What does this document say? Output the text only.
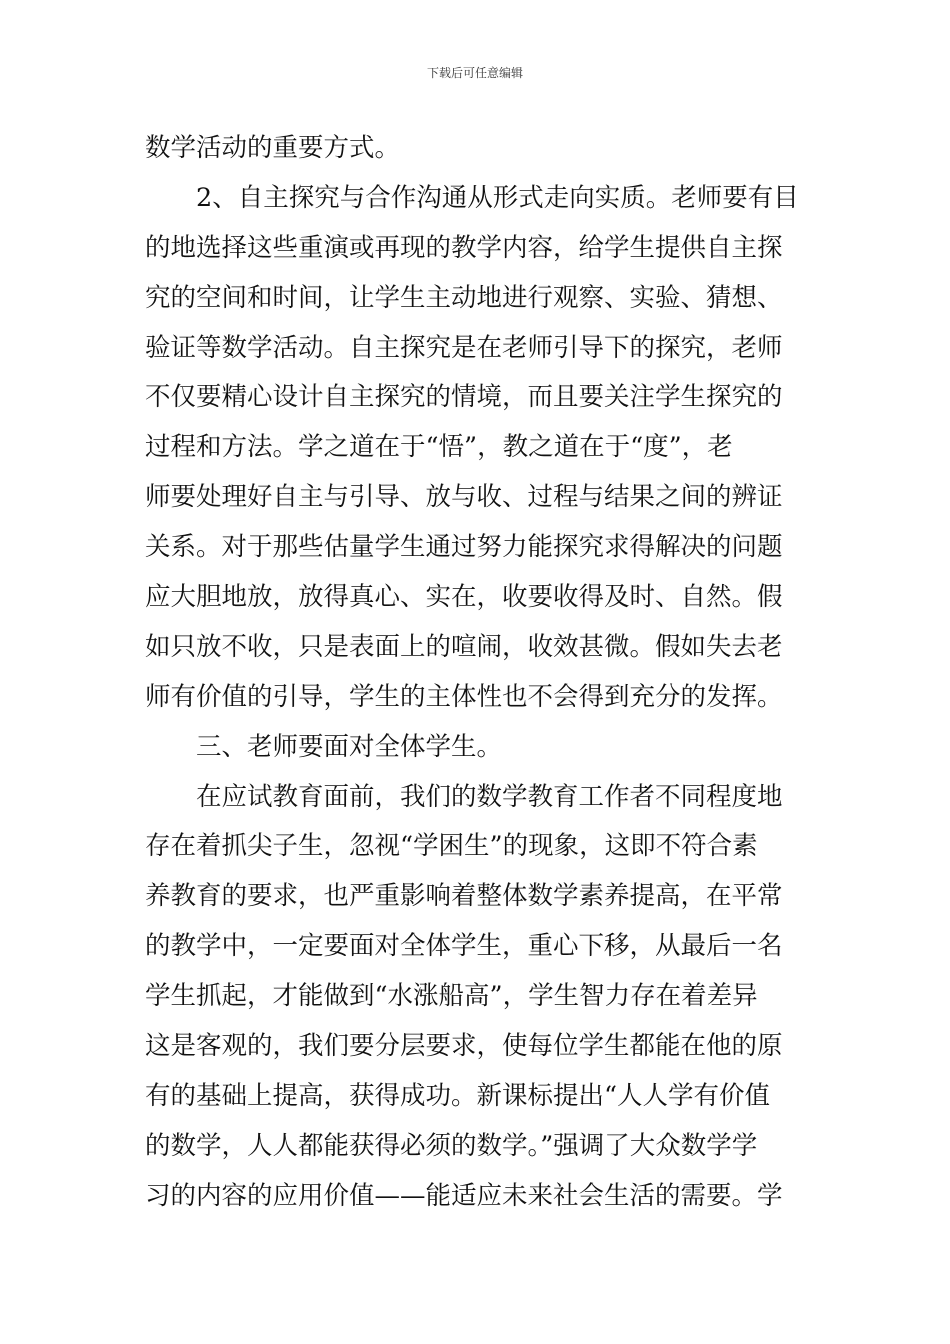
下载后可任意编辑
数学活动的重要方式。
2、自主探究与合作沟通从形式走向实质。老师要有目
的地选择这些重演或再现的教学内容，给学生提供自主探
究的空间和时间，让学生主动地进行观察、实验、猜想、
验证等数学活动。自主探究是在老师引导下的探究，老师
不仅要精心设计自主探究的情境，而且要关注学生探究的
过程和方法。学之道在于“悟”，教之道在于“度”，老
师要处理好自主与引导、放与收、过程与结果之间的辨证
关系。对于那些估量学生通过努力能探究求得解决的问题
应大胆地放，放得真心、实在，收要收得及时、自然。假
如只放不收，只是表面上的喧闹，收效甚微。假如失去老
师有价值的引导，学生的主体性也不会得到充分的发挥。
三、老师要面对全体学生。
在应试教育面前，我们的数学教育工作者不同程度地
存在着抓尖子生，忽视“学困生”的现象，这即不符合素
养教育的要求，也严重影响着整体数学素养提高，在平常
的教学中，一定要面对全体学生，重心下移，从最后一名
学生抓起，才能做到“水涨船高”，学生智力存在着差异
这是客观的，我们要分层要求，使每位学生都能在他的原
有的基础上提高，获得成功。新课标提出“人人学有价值
的数学，人人都能获得必须的数学。”强调了大众数学学
习的内容的应用价值——能适应未来社会生活的需要。学
